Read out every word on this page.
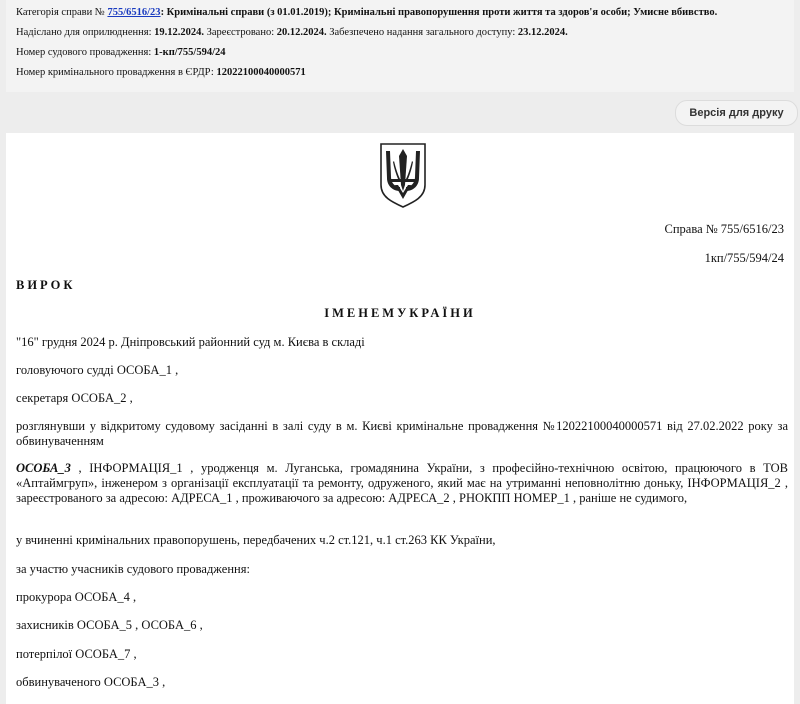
Категорія справи № 755/6516/23: Кримінальні справи (з 01.01.2019); Кримінальні правопорушення проти життя та здоров'я особи; Умисне вбивство.
Надіслано для оприлюднення: 19.12.2024. Зареєстровано: 20.12.2024. Забезпечено надання загального доступу: 23.12.2024.
Номер судового провадження: 1-кп/755/594/24
Номер кримінального провадження в ЄРДР: 12022100040000571
Версія для друку
Справа № 755/6516/23
1кп/755/594/24
ВИРОК
ІМЕНЕМУКРАЇНИ
"16" грудня 2024 р. Дніпровський районний суд м. Києва в складі
головуючого судді ОСОБА_1 ,
секретаря ОСОБА_2 ,
розглянувши у відкритому судовому засіданні в залі суду в м. Києві кримінальне провадження №12022100040000571 від 27.02.2022 року за обвинуваченням
ОСОБА_3 , ІНФОРМАЦІЯ_1 , уродженця м. Луганська, громадянина України, з професійно-технічною освітою, працюючого в ТОВ «Аптаймгруп», інженером з організації експлуатації та ремонту, одруженого, який має на утриманні неповнолітню доньку, ІНФОРМАЦІЯ_2 , зареєстрованого за адресою: АДРЕСА_1 , проживаючого за адресою: АДРЕСА_2 , РНОКПП НОМЕР_1 , раніше не судимого,
у вчиненні кримінальних правопорушень, передбачених ч.2 ст.121, ч.1 ст.263 КК України,
за участю учасників судового провадження:
прокурора ОСОБА_4 ,
захисників ОСОБА_5 , ОСОБА_6 ,
потерпілої ОСОБА_7 ,
обвинуваченого ОСОБА_3 ,
